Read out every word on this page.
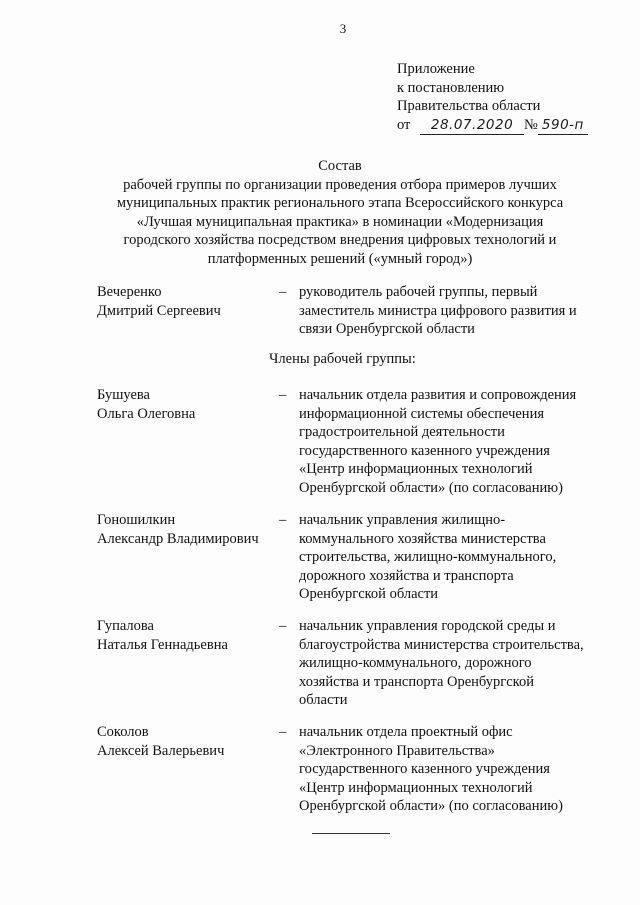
3
Приложение
к постановлению
Правительства области
от 28.07.2020 № 590-п
Состав
рабочей группы по организации проведения отбора примеров лучших
муниципальных практик регионального этапа Всероссийского конкурса
«Лучшая муниципальная практика» в номинации «Модернизация
городского хозяйства посредством внедрения цифровых технологий и
платформенных решений («умный город»)
Вечеренко
Дмитрий Сергеевич
– руководитель рабочей группы, первый
заместитель министра цифрового развития и
связи Оренбургской области
Члены рабочей группы:
Бушуева
Ольга Олеговна
– начальник отдела развития и сопровождения
информационной системы обеспечения
градостроительной деятельности
государственного казенного учреждения
«Центр информационных технологий
Оренбургской области» (по согласованию)
Гоношилкин
Александр Владимирович
– начальник управления жилищно-
коммунального хозяйства министерства
строительства, жилищно-коммунального,
дорожного хозяйства и транспорта
Оренбургской области
Гупалова
Наталья Геннадьевна
– начальник управления городской среды и
благоустройства министерства строительства,
жилищно-коммунального, дорожного
хозяйства и транспорта Оренбургской
области
Соколов
Алексей Валерьевич
– начальник отдела проектный офис
«Электронного Правительства»
государственного казенного учреждения
«Центр информационных технологий
Оренбургской области» (по согласованию)
